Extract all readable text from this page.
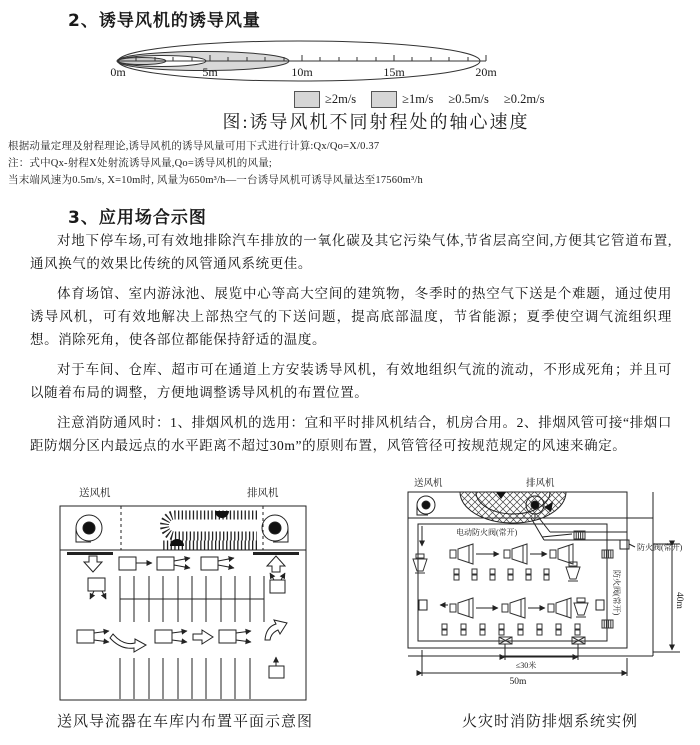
2、诱导风机的诱导风量
0m	5m	10m	15m	20m
≥2m/s	≥1m/s ≥0.5m/s ≥0.2m/s
图:诱导风机不同射程处的轴心速度
根据动量定理及射程理论,诱导风机的诱导风量可用下式进行计算:Qx/Qo=X/0.37
注：式中Qx-射程X处射流诱导风量,Qo=诱导风机的风量;
当末端风速为0.5m/s, X=10m时, 风量为650m³/h—一台诱导风机可诱导风量达至17560m³/h
3、应用场合示图

对地下停车场,可有效地排除汽车排放的一氧化碳及其它污染气体,节省层高空间,方便其它管道布置,通风换气的效果比传统的风管通风系统更佳。

体育场馆、室内游泳池、展览中心等高大空间的建筑物，冬季时的热空气下送是个难题，通过使用诱导风机，可有效地解决上部热空气的下送问题，提高底部温度，节省能源；夏季使空调气流组织理想。消除死角，使各部位都能保持舒适的温度。

对于车间、仓库、超市可在通道上方安装诱导风机，有效地组织气流的流动，不形成死角；并且可以随着布局的调整，方便地调整诱导风机的布置位置。

注意消防通风时：1、排烟风机的选用：宜和平时排风机结合，机房合用。2、排烟风管可接“排烟口距防烟分区内最远点的水平距离不超过30m”的原则布置，风管管径可按规范规定的风速来确定。

送风机	排风机
送风机	排风机
电动防火阀(常开)
防火阀(常开)
防火阀(常开)
≤30米
50m
40m
送风导流器在车库内布置平面示意图	火灾时消防排烟系统实例
